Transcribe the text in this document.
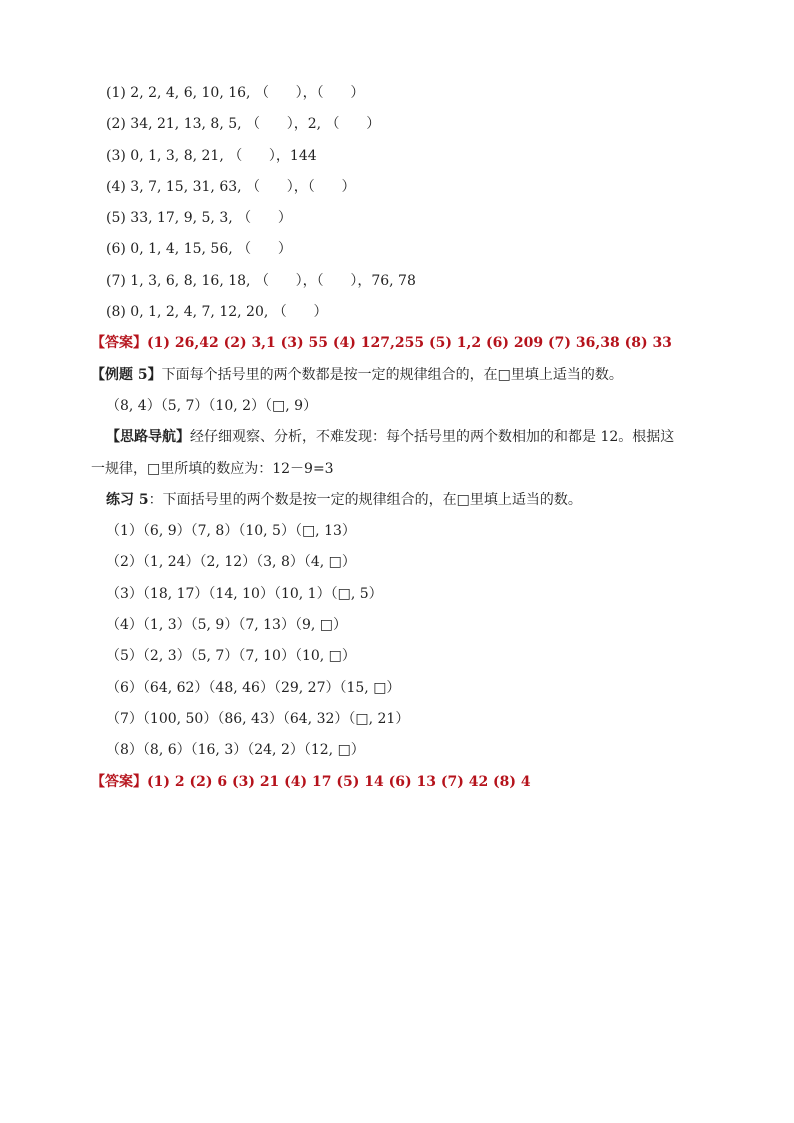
(1) 2, 2, 4, 6, 10, 16, （      ），（      ）
(2) 34, 21, 13, 8, 5, （      ），2, （      ）
(3) 0, 1, 3, 8, 21, （      ），144
(4) 3, 7, 15, 31, 63, （      ），（      ）
(5) 33, 17, 9, 5, 3, （      ）
(6) 0, 1, 4, 15, 56, （      ）
(7) 1, 3, 6, 8, 16, 18, （      ），（      ），76, 78
(8) 0, 1, 2, 4, 7, 12, 20, （      ）
【答案】(1) 26,42 (2) 3,1 (3) 55 (4) 127,255 (5) 1,2 (6) 209 (7) 36,38 (8) 33
【例题 5】下面每个括号里的两个数都是按一定的规律组合的，在□里填上适当的数。
（8, 4）（5, 7）（10, 2）（□, 9）
【思路导航】经仔细观察、分析，不难发现：每个括号里的两个数相加的和都是 12。根据这
一规律，□里所填的数应为：12－9=3
练习 5：下面括号里的两个数是按一定的规律组合的，在□里填上适当的数。
（1）（6, 9）（7, 8）（10, 5）（□, 13）
（2）（1, 24）（2, 12）（3, 8）（4, □）
（3）（18, 17）（14, 10）（10, 1）（□, 5）
（4）（1, 3）（5, 9）（7, 13）（9, □）
（5）（2, 3）（5, 7）（7, 10）（10, □）
（6）（64, 62）（48, 46）（29, 27）（15, □）
（7）（100, 50）（86, 43）（64, 32）（□, 21）
（8）（8, 6）（16, 3）（24, 2）（12, □）
【答案】(1) 2 (2) 6 (3) 21 (4) 17 (5) 14 (6) 13 (7) 42 (8) 4
